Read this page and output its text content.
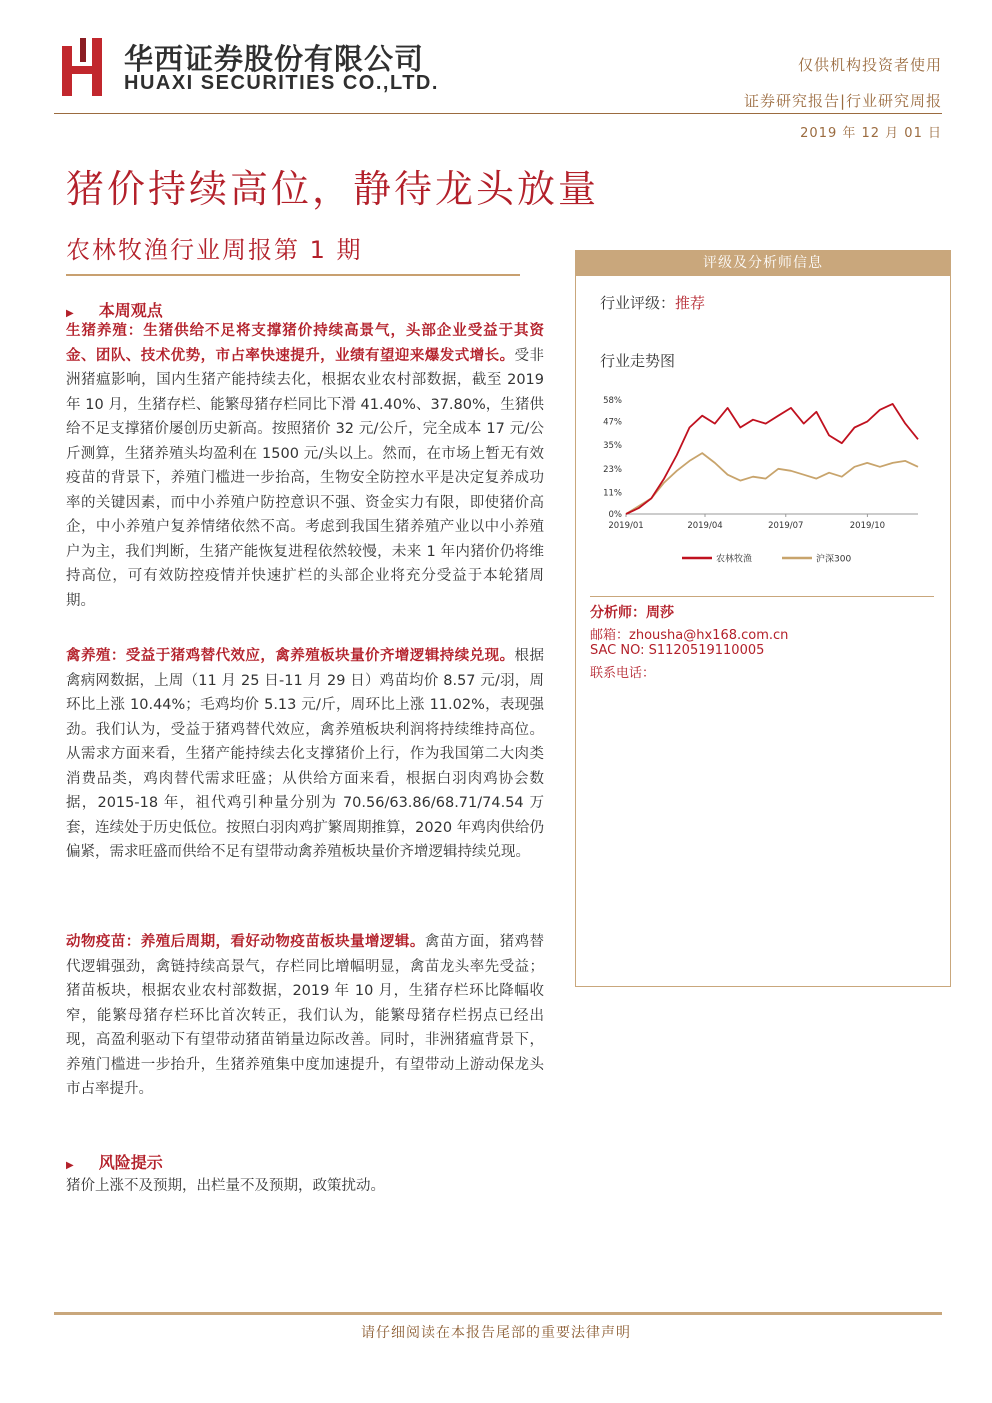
华西证券股份有限公司
HUAXI SECURITIES CO.,LTD.
仅供机构投资者使用
证券研究报告|行业研究周报
2019 年 12 月 01 日
猪价持续高位，静待龙头放量
农林牧渔行业周报第 1 期
▶ 本周观点
生猪养殖：生猪供给不足将支撑猪价持续高景气，头部企业受益于其资金、团队、技术优势，市占率快速提升，业绩有望迎来爆发式增长。受非洲猪瘟影响，国内生猪产能持续去化，根据农业农村部数据，截至 2019 年 10 月，生猪存栏、能繁母猪存栏同比下滑 41.40%、37.80%，生猪供给不足支撑猪价屡创历史新高。按照猪价 32 元/公斤，完全成本 17 元/公斤测算，生猪养殖头均盈利在 1500 元/头以上。然而，在市场上暂无有效疫苗的背景下，养殖门槛进一步抬高，生物安全防控水平是决定复养成功率的关键因素，而中小养殖户防控意识不强、资金实力有限，即使猪价高企，中小养殖户复养情绪依然不高。考虑到我国生猪养殖产业以中小养殖户为主，我们判断，生猪产能恢复进程依然较慢，未来 1 年内猪价仍将维持高位，可有效防控疫情并快速扩栏的头部企业将充分受益于本轮猪周期。
禽养殖：受益于猪鸡替代效应，禽养殖板块量价齐增逻辑持续兑现。根据禽病网数据，上周（11 月 25 日-11 月 29 日）鸡苗均价 8.57 元/羽，周环比上涨 10.44%；毛鸡均价 5.13 元/斤，周环比上涨 11.02%，表现强劲。我们认为，受益于猪鸡替代效应，禽养殖板块利润将持续维持高位。从需求方面来看，生猪产能持续去化支撑猪价上行，作为我国第二大肉类消费品类，鸡肉替代需求旺盛；从供给方面来看，根据白羽肉鸡协会数据，2015-18 年，祖代鸡引种量分别为 70.56/63.86/68.71/74.54 万套，连续处于历史低位。按照白羽肉鸡扩繁周期推算，2020 年鸡肉供给仍偏紧，需求旺盛而供给不足有望带动禽养殖板块量价齐增逻辑持续兑现。
动物疫苗：养殖后周期，看好动物疫苗板块量增逻辑。禽苗方面，猪鸡替代逻辑强劲，禽链持续高景气，存栏同比增幅明显，禽苗龙头率先受益；猪苗板块，根据农业农村部数据，2019 年 10 月，生猪存栏环比降幅收窄，能繁母猪存栏环比首次转正，我们认为，能繁母猪存栏拐点已经出现，高盈利驱动下有望带动猪苗销量边际改善。同时，非洲猪瘟背景下，养殖门槛进一步抬升，生猪养殖集中度加速提升，有望带动上游动保龙头市占率提升。
▶ 风险提示
猪价上涨不及预期，出栏量不及预期，政策扰动。
评级及分析师信息
行业评级：推荐
行业走势图
0%
11%
23%
35%
47%
58%
2019/01	2019/04	2019/07	2019/10
农林牧渔	沪深300
分析师：周莎
邮箱：zhousha@hx168.com.cn
SAC NO: S1120519110005
联系电话：
请仔细阅读在本报告尾部的重要法律声明
